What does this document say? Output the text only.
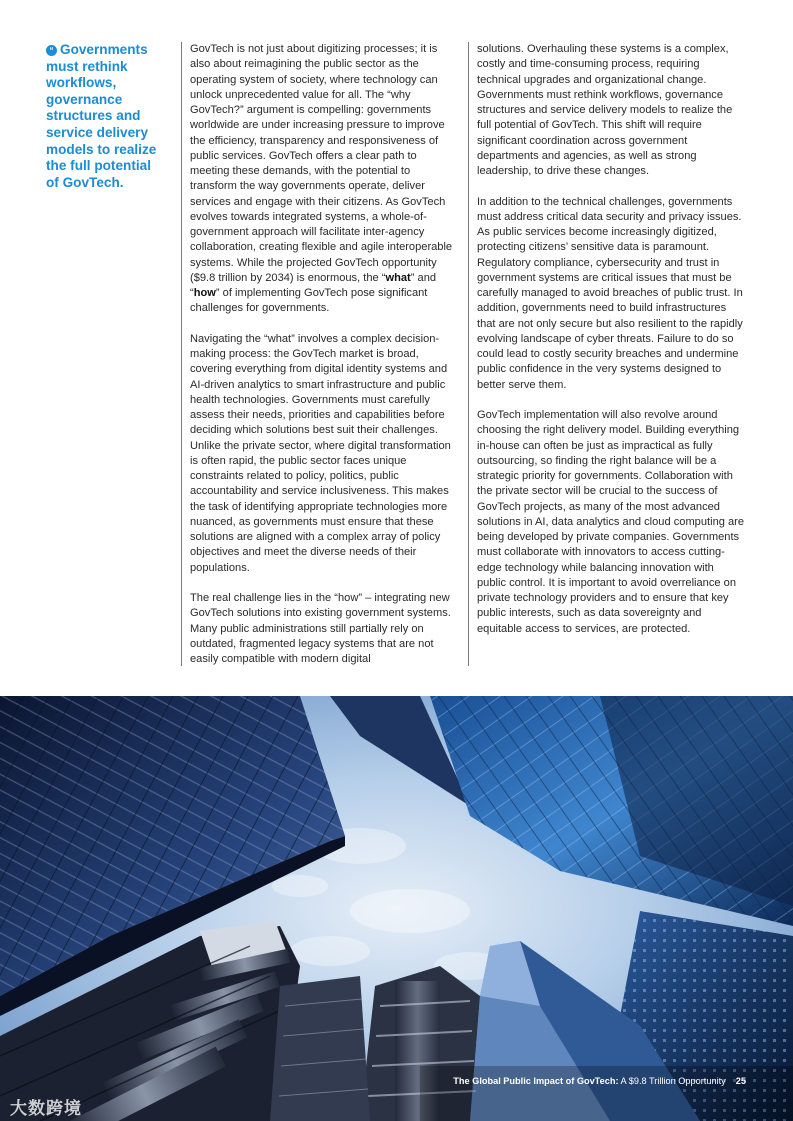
“ Governments must rethink workflows, governance structures and service delivery models to realize the full potential of GovTech.

GovTech is not just about digitizing processes; it is also about reimagining the public sector as the operating system of society, where technology can unlock unprecedented value for all. The “why GovTech?” argument is compelling: governments worldwide are under increasing pressure to improve the efficiency, transparency and responsiveness of public services. GovTech offers a clear path to meeting these demands, with the potential to transform the way governments operate, deliver services and engage with their citizens. As GovTech evolves towards integrated systems, a whole-of-government approach will facilitate inter-agency collaboration, creating flexible and agile interoperable systems. While the projected GovTech opportunity ($9.8 trillion by 2034) is enormous, the “what” and “how” of implementing GovTech pose significant challenges for governments.

Navigating the “what” involves a complex decision-making process: the GovTech market is broad, covering everything from digital identity systems and AI-driven analytics to smart infrastructure and public health technologies. Governments must carefully assess their needs, priorities and capabilities before deciding which solutions best suit their challenges. Unlike the private sector, where digital transformation is often rapid, the public sector faces unique constraints related to policy, politics, public accountability and service inclusiveness. This makes the task of identifying appropriate technologies more nuanced, as governments must ensure that these solutions are aligned with a complex array of policy objectives and meet the diverse needs of their populations.

The real challenge lies in the “how” – integrating new GovTech solutions into existing government systems. Many public administrations still partially rely on outdated, fragmented legacy systems that are not easily compatible with modern digital

solutions. Overhauling these systems is a complex, costly and time-consuming process, requiring technical upgrades and organizational change. Governments must rethink workflows, governance structures and service delivery models to realize the full potential of GovTech. This shift will require significant coordination across government departments and agencies, as well as strong leadership, to drive these changes.

In addition to the technical challenges, governments must address critical data security and privacy issues. As public services become increasingly digitized, protecting citizens’ sensitive data is paramount. Regulatory compliance, cybersecurity and trust in government systems are critical issues that must be carefully managed to avoid breaches of public trust. In addition, governments need to build infrastructures that are not only secure but also resilient to the rapidly evolving landscape of cyber threats. Failure to do so could lead to costly security breaches and undermine public confidence in the very systems designed to better serve them.

GovTech implementation will also revolve around choosing the right delivery model. Building everything in-house can often be just as impractical as fully outsourcing, so finding the right balance will be a strategic priority for governments. Collaboration with the private sector will be crucial to the success of GovTech projects, as many of the most advanced solutions in AI, data analytics and cloud computing are being developed by private companies. Governments must collaborate with innovators to access cutting-edge technology while balancing innovation with public control. It is important to avoid overreliance on private technology providers and to ensure that key public interests, such as data sovereignty and equitable access to services, are protected.

The Global Public Impact of GovTech: A $9.8 Trillion Opportunity 25
大数跨境
